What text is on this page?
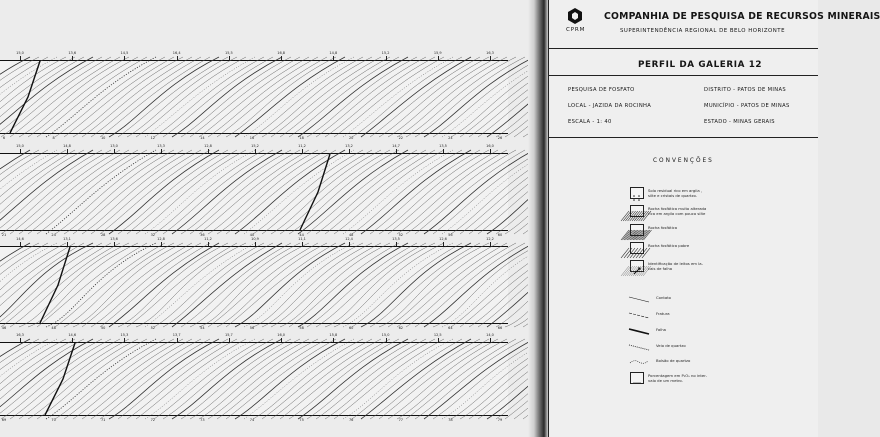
15,0	13,6	14,5	16,4	15,5	16,8	14,8	15,2	15,9	16,3
6	8	10	12	14	16	18	20	22	24	26
15,0	14,8	13,0	13,3	12,8	15,2	11,2	13,2	14,7	13,5	16,0
21	24	28	32	36	40	44	48	52	56	60
14,6	13,1	13,6	12,8	11,2	10,9	11,1	12,4	13,5	12,6	12,2
46	48	50	52	54	56	58	60	62	64	66
16,3	14,6	15,3	13,7	15,7	16,0	15,8	15,0	12,5	14,0
69	70	71	72	73	74	75	76	77	78	79
CPRM
COMPANHIA DE PESQUISA DE RECURSOS MINERAIS
SUPERINTENDÊNCIA REGIONAL DE BELO HORIZONTE
PERFIL DA GALERIA 12
PESQUISA DE FOSFATO
LOCAL - JAZIDA DA ROCINHA
ESCALA - 1: 40
DISTRITO - PATOS DE MINAS
MUNICÍPIO - PATOS DE MINAS
ESTADO - MINAS GERAIS
CONVENÇÕES
Solo residual rico em argila ,
silte e cristais de quartzo.
Rocha fosfática muito alterada
rica em argila com pouco silte
Rocha fosfática
Rocha fosfática pobre
Identificação de leitos em la-
cais de falha
Contato
Fratura
Falha
Veio de quartzo
Bolsão de quartzo
Porcentagem em P₂O₅ no inter-
valo de um metro.
